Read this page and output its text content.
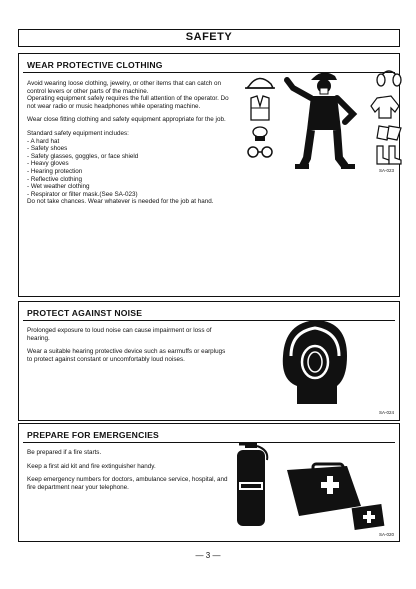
SAFETY
WEAR PROTECTIVE CLOTHING

Avoid wearing loose clothing, jewelry, or other items that can catch on control levers or other parts of the machine.

Operating equipment safely requires the full attention of the operator. Do not wear radio or music headphones while operating machine.

Wear close fitting clothing and safety equipment appropriate for the job.

Standard safety equipment includes:

- A hard hat
- Safety shoes
- Safety glasses, goggles, or face shield
- Heavy gloves
- Hearing protection
- Reflective clothing
- Wet weather clothing
- Respirator or filter mask.(See SA-023)

Do not take chances. Wear whatever is needed for the job at hand.

SA-023
PROTECT AGAINST NOISE

Prolonged exposure to loud noise can cause impairment or loss of hearing.

Wear a suitable hearing protective device such as earmuffs or earplugs to protect against constant or uncomfortably loud noises.

SA-024
PREPARE FOR EMERGENCIES

Be prepared if a fire starts.

Keep a first aid kit and fire extinguisher handy.

Keep emergency numbers for doctors, ambulance service, hospital, and fire department near your telephone.

SA-020
— 3 —
